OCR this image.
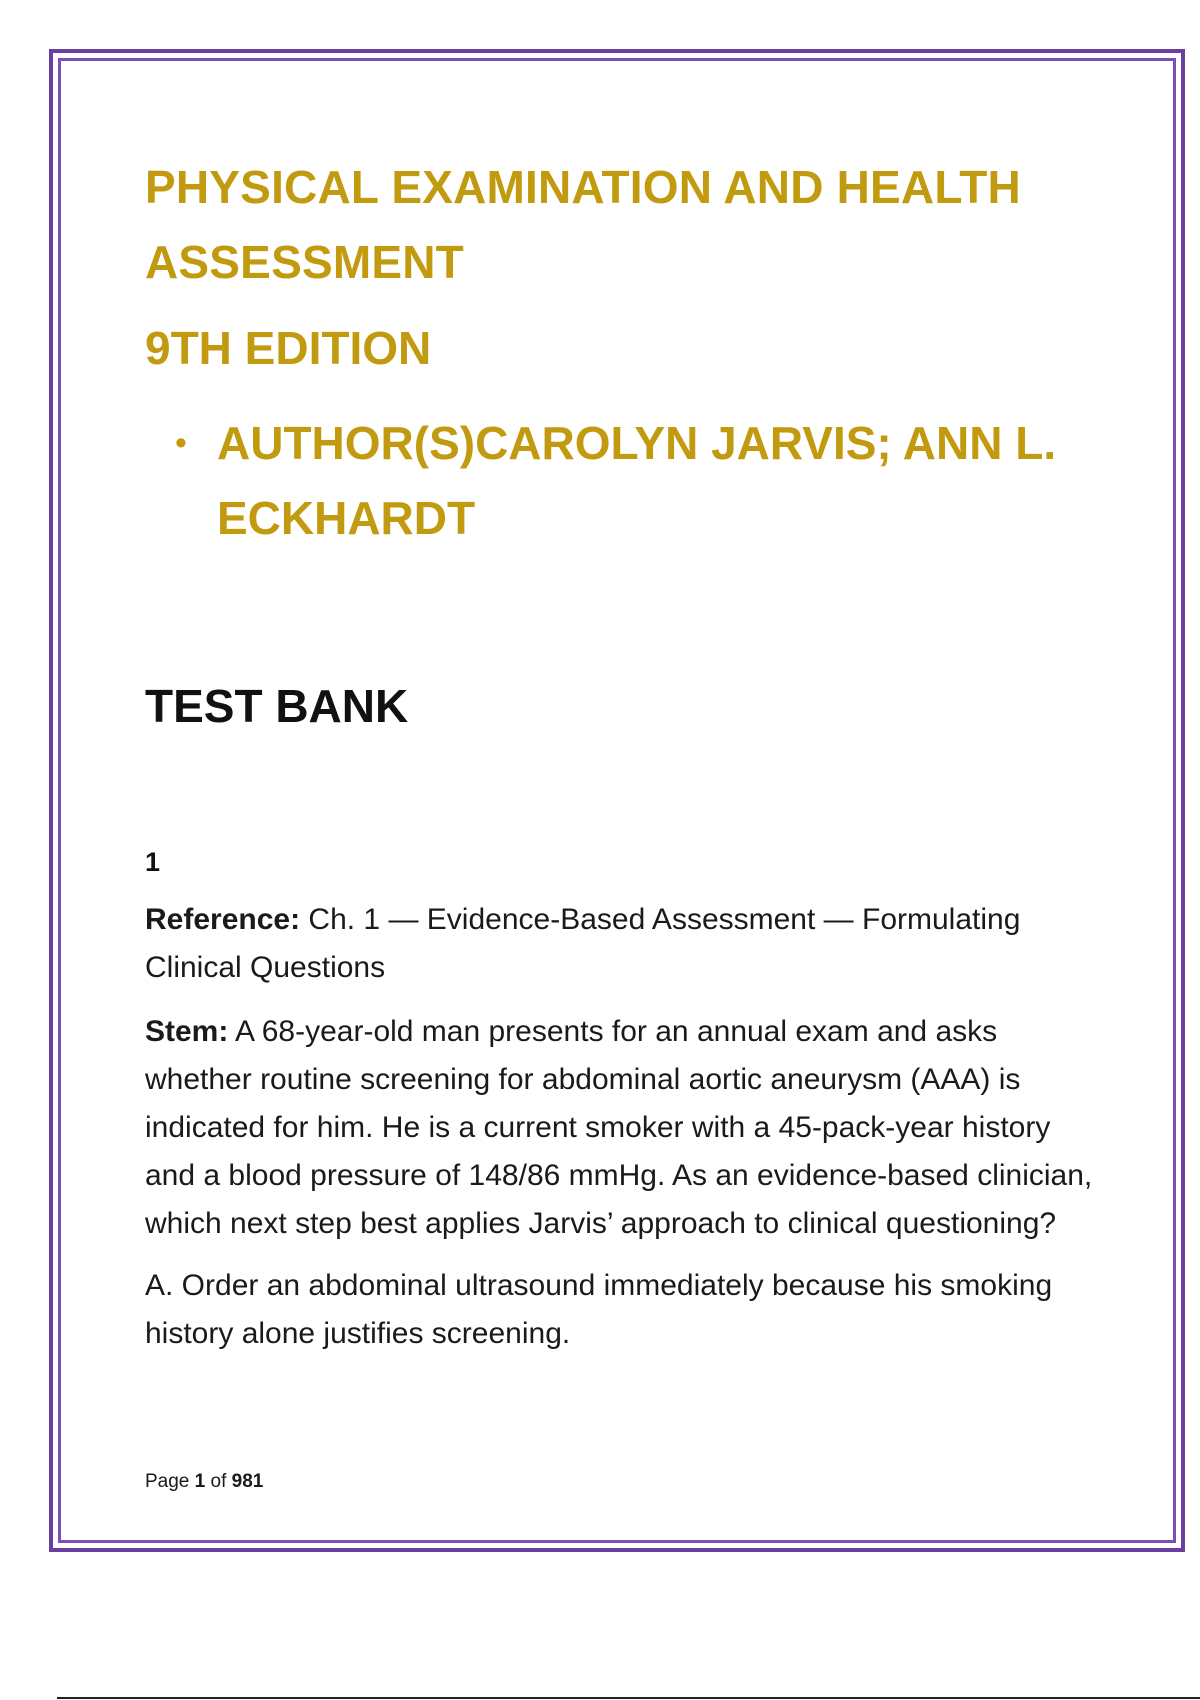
PHYSICAL EXAMINATION AND HEALTH
ASSESSMENT
9TH EDITION
• AUTHOR(S)CAROLYN JARVIS; ANN L.
ECKHARDT
TEST BANK
1
Reference: Ch. 1 — Evidence-Based Assessment — Formulating Clinical Questions
Stem: A 68-year-old man presents for an annual exam and asks whether routine screening for abdominal aortic aneurysm (AAA) is indicated for him. He is a current smoker with a 45-pack-year history and a blood pressure of 148/86 mmHg. As an evidence-based clinician, which next step best applies Jarvis’ approach to clinical questioning?
A. Order an abdominal ultrasound immediately because his smoking history alone justifies screening.
Page 1 of 981
